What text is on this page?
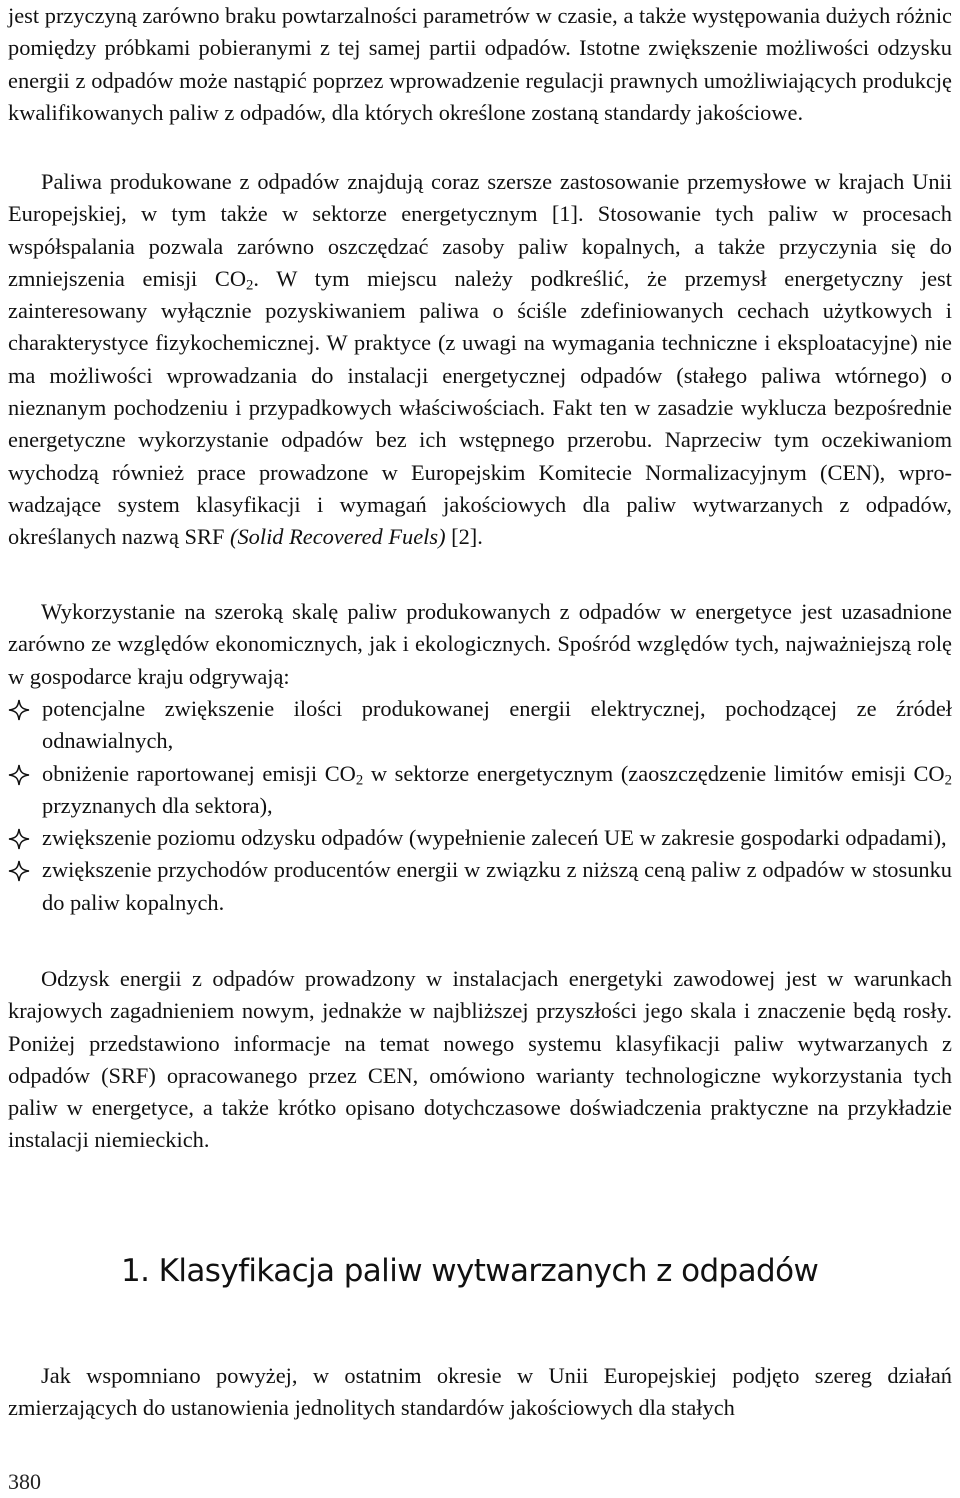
jest przyczyną zarówno braku powtarzalności parametrów w czasie, a także występowania dużych różnic pomiędzy próbkami pobieranymi z tej samej partii odpadów. Istotne zwiększenie możliwości odzysku energii z odpadów może nastąpić poprzez wprowadzenie regulacji prawnych umożliwiających produkcję kwalifikowanych paliw z odpadów, dla których określone zostaną standardy jakościowe.

Paliwa produkowane z odpadów znajdują coraz szersze zastosowanie przemysłowe w krajach Unii Europejskiej, w tym także w sektorze energetycznym [1]. Stosowanie tych paliw w procesach współspalania pozwala zarówno oszczędzać zasoby paliw kopalnych, a także przyczynia się do zmniejszenia emisji $CO_2$. W tym miejscu należy podkreślić, że przemysł energetyczny jest zainteresowany wyłącznie pozyskiwaniem paliwa o ściśle zdefiniowanych cechach użytkowych i charakterystyce fizykochemicznej. W praktyce (z uwagi na wymagania techniczne i eksploatacyjne) nie ma możliwości wprowadzania do instalacji energetycznej odpadów (stałego paliwa wtórnego) o nieznanym pochodzeniu i przypadkowych właściwościach. Fakt ten w zasadzie wyklucza bezpośrednie energetyczne wykorzystanie odpadów bez ich wstępnego przerobu. Naprzeciw tym oczekiwaniom wychodzą również prace prowadzone w Europejskim Komitecie Normalizacyjnym (CEN), wprowadzające system klasyfikacji i wymagań jakościowych dla paliw wytwarzanych z odpadów, określanych nazwą SRF (Solid Recovered Fuels) [2].

Wykorzystanie na szeroką skalę paliw produkowanych z odpadów w energetyce jest uzasadnione zarówno ze względów ekonomicznych, jak i ekologicznych. Spośród względów tych, najważniejszą rolę w gospodarce kraju odgrywają:

potencjalne zwiększenie ilości produkowanej energii elektrycznej, pochodzącej ze źródeł odnawialnych,

obniżenie raportowanej emisji $CO_2$ w sektorze energetycznym (zaoszczędzenie limitów emisji $CO_2$ przyznanych dla sektora),

zwiększenie poziomu odzysku odpadów (wypełnienie zaleceń UE w zakresie gospodarki odpadami),

zwiększenie przychodów producentów energii w związku z niższą ceną paliw z odpadów w stosunku do paliw kopalnych.

Odzysk energii z odpadów prowadzony w instalacjach energetyki zawodowej jest w warunkach krajowych zagadnieniem nowym, jednakże w najbliższej przyszłości jego skala i znaczenie będą rosły. Poniżej przedstawiono informacje na temat nowego systemu klasyfikacji paliw wytwarzanych z odpadów (SRF) opracowanego przez CEN, omówiono warianty technologiczne wykorzystania tych paliw w energetyce, a także krótko opisano dotychczasowe doświadczenia praktyczne na przykładzie instalacji niemieckich.

1. Klasyfikacja paliw wytwarzanych z odpadów

Jak wspomniano powyżej, w ostatnim okresie w Unii Europejskiej podjęto szereg działań zmierzających do ustanowienia jednolitych standardów jakościowych dla stałych

380
